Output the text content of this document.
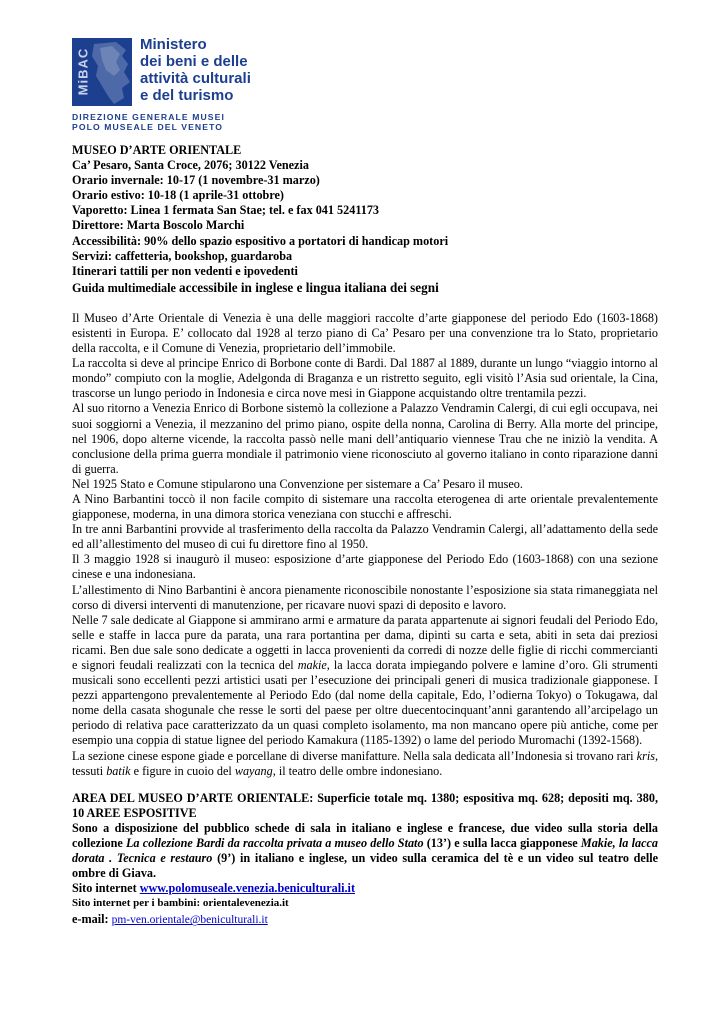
MiBAC
Ministero
dei beni e delle
attività culturali
e del turismo
DIREZIONE GENERALE MUSEI
POLO MUSEALE DEL VENETO

MUSEO D’ARTE ORIENTALE

Ca’ Pesaro, Santa Croce, 2076; 30122 Venezia

Orario invernale: 10-17 (1 novembre-31 marzo)

Orario estivo: 10-18 (1 aprile-31 ottobre)

Vaporetto: Linea 1 fermata San Stae; tel. e fax 041 5241173

Direttore: Marta Boscolo Marchi

Accessibilità: 90% dello spazio espositivo a portatori di handicap motori

Servizi: caffetteria, bookshop, guardaroba

Itinerari tattili per non vedenti e ipovedenti

Guida multimediale accessibile in inglese e lingua italiana dei segni

Il Museo d’Arte Orientale di Venezia è una delle maggiori raccolte d’arte giapponese del periodo Edo (1603-1868) esistenti in Europa. E’ collocato dal 1928 al terzo piano di Ca’ Pesaro per una convenzione tra lo Stato, proprietario della raccolta, e il Comune di Venezia, proprietario dell’immobile.

La raccolta si deve al principe Enrico di Borbone conte di Bardi. Dal 1887 al 1889, durante un lungo “viaggio intorno al mondo” compiuto con la moglie, Adelgonda di Braganza e un ristretto seguito, egli visitò l’Asia sud orientale, la Cina, trascorse un lungo periodo in Indonesia e circa nove mesi in Giappone acquistando oltre trentamila pezzi.

Al suo ritorno a Venezia Enrico di Borbone sistemò la collezione a Palazzo Vendramin Calergi, di cui egli occupava, nei suoi soggiorni a Venezia, il mezzanino del primo piano, ospite della nonna, Carolina di Berry. Alla morte del principe, nel 1906, dopo alterne vicende, la raccolta passò nelle mani dell’antiquario viennese Trau che ne iniziò la vendita. A conclusione della prima guerra mondiale il patrimonio viene riconosciuto al governo italiano in conto riparazione danni di guerra.

Nel 1925 Stato e Comune stipularono una Convenzione per sistemare a Ca’ Pesaro il museo.

A Nino Barbantini toccò il non facile compito di sistemare una raccolta eterogenea di arte orientale prevalentemente giapponese, moderna, in una dimora storica veneziana con stucchi e affreschi.

In tre anni Barbantini provvide al trasferimento della raccolta da Palazzo Vendramin Calergi, all’adattamento della sede ed all’allestimento del museo di cui fu direttore fino al 1950.

Il 3 maggio 1928 si inaugurò il museo: esposizione d’arte giapponese del Periodo Edo (1603-1868) con una sezione cinese e una indonesiana.

L’allestimento di Nino Barbantini è ancora pienamente riconoscibile nonostante l’esposizione sia stata rimaneggiata nel corso di diversi interventi di manutenzione, per ricavare nuovi spazi di deposito e lavoro.

Nelle 7 sale dedicate al Giappone si ammirano armi e armature da parata appartenute ai signori feudali del Periodo Edo, selle e staffe in lacca pure da parata, una rara portantina per dama, dipinti su carta e seta, abiti in seta dai preziosi ricami. Ben due sale sono dedicate a oggetti in lacca provenienti da corredi di nozze delle figlie di ricchi commercianti e signori feudali realizzati con la tecnica del makie, la lacca dorata impiegando polvere e lamine d’oro. Gli strumenti musicali sono eccellenti pezzi artistici usati per l’esecuzione dei principali generi di musica tradizionale giapponese. I pezzi appartengono prevalentemente al Periodo Edo (dal nome della capitale, Edo, l’odierna Tokyo) o Tokugawa, dal nome della casata shogunale che resse le sorti del paese per oltre duecentocinquant’anni garantendo all’arcipelago un periodo di relativa pace caratterizzato da un quasi completo isolamento, ma non mancano opere più antiche, come per esempio una coppia di statue lignee del periodo Kamakura (1185-1392) o lame del periodo Muromachi (1392-1568).

La sezione cinese espone giade e porcellane di diverse manifatture. Nella sala dedicata all’Indonesia si trovano rari kris, tessuti batik e figure in cuoio del wayang, il teatro delle ombre indonesiano.

AREA DEL MUSEO D’ARTE ORIENTALE: Superficie totale mq. 1380; espositiva mq. 628; depositi mq. 380, 10 AREE ESPOSITIVE

Sono a disposizione del pubblico schede di sala in italiano e inglese e francese, due video sulla storia della collezione La collezione Bardi da raccolta privata a museo dello Stato (13’) e sulla lacca giapponese Makie, la lacca dorata . Tecnica e restauro (9’) in italiano e inglese, un video sulla ceramica del tè e un video sul teatro delle ombre di Giava.

Sito internet www.polomuseale.venezia.beniculturali.it

Sito internet per i bambini: orientalevenezia.it

e-mail: pm-ven.orientale@beniculturali.it
